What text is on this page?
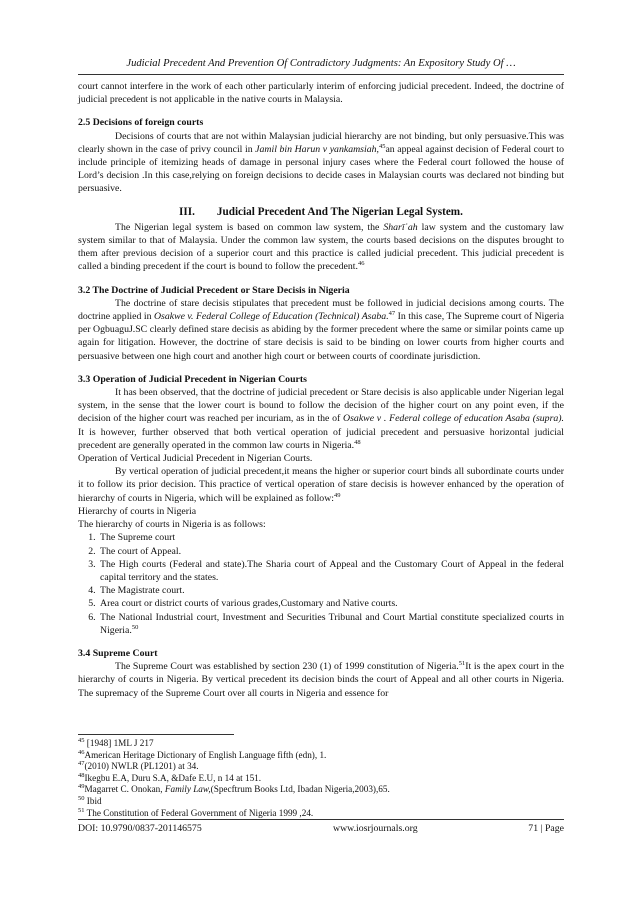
Judicial Precedent And Prevention Of Contradictory Judgments: An Expository Study Of …

court cannot interfere in the work of each other particularly interim of enforcing judicial precedent. Indeed, the doctrine of judicial precedent is not applicable in the native courts in Malaysia.

2.5 Decisions of foreign courts

Decisions of courts that are not within Malaysian judicial hierarchy are not binding, but only persuasive.This was clearly shown in the case of privy council in Jamil bin Harun v yankamsiah,$^{45}$an appeal against decision of Federal court to include principle of itemizing heads of damage in personal injury cases where the Federal court followed the house of Lord’s decision .In this case,relying on foreign decisions to decide cases in Malaysian courts was declared not binding but persuasive.

III. Judicial Precedent And The Nigerian Legal System.

The Nigerian legal system is based on common law system, the Sharīʿah law system and the customary law system similar to that of Malaysia. Under the common law system, the courts based decisions on the disputes brought to them after previous decision of a superior court and this practice is called judicial precedent. This judicial precedent is called a binding precedent if the court is bound to follow the precedent.$^{46}$

3.2 The Doctrine of Judicial Precedent or Stare Decisis in Nigeria

The doctrine of stare decisis stipulates that precedent must be followed in judicial decisions among courts. The doctrine applied in Osakwe v. Federal College of Education (Technical) Asaba.$^{47}$ In this case, The Supreme court of Nigeria per OgbuaguJ.SC clearly defined stare decisis as abiding by the former precedent where the same or similar points came up again for litigation. However, the doctrine of stare decisis is said to be binding on lower courts from higher courts and persuasive between one high court and another high court or between courts of coordinate jurisdiction.

3.3 Operation of Judicial Precedent in Nigerian Courts

It has been observed, that the doctrine of judicial precedent or Stare decisis is also applicable under Nigerian legal system, in the sense that the lower court is bound to follow the decision of the higher court on any point even, if the decision of the higher court was reached per incuriam, as in the of Osakwe v . Federal college of education Asaba (supra). It is however, further observed that both vertical operation of judicial precedent and persuasive horizontal judicial precedent are generally operated in the common law courts in Nigeria.$^{48}$

Operation of Vertical Judicial Precedent in Nigerian Courts.

By vertical operation of judicial precedent,it means the higher or superior court binds all subordinate courts under it to follow its prior decision. This practice of vertical operation of stare decisis is however enhanced by the operation of hierarchy of courts in Nigeria, which will be explained as follow:$^{49}$

Hierarchy of courts in Nigeria

The hierarchy of courts in Nigeria is as follows:

1. The Supreme court
2. The court of Appeal.
3. The High courts (Federal and state).The Sharia court of Appeal and the Customary Court of Appeal in the federal capital territory and the states.
4. The Magistrate court.
5. Area court or district courts of various grades,Customary and Native courts.
6. The National Industrial court, Investment and Securities Tribunal and Court Martial constitute specialized courts in Nigeria.$^{50}$
3.4 Supreme Court

The Supreme Court was established by section 230 (1) of 1999 constitution of Nigeria.$^{51}$It is the apex court in the hierarchy of courts in Nigeria. By vertical precedent its decision binds the court of Appeal and all other courts in Nigeria. The supremacy of the Supreme Court over all courts in Nigeria and essence for

$^{45}$ [1948] 1ML J 217
$^{46}$American Heritage Dictionary of English Language fifth (edn), 1.
$^{47}$(2010) NWLR (PL1201) at 34.
$^{48}$Ikegbu E.A, Duru S.A, &Dafe E.U, n 14 at 151.
$^{49}$Magarret C. Onokan, Family Law,(Specftrum Books Ltd, Ibadan Nigeria,2003),65.
$^{50}$ Ibid
$^{51}$ The Constitution of Federal Government of Nigeria 1999 ,24.
DOI: 10.9790/0837-201146575	www.iosrjournals.org	71 | Page
